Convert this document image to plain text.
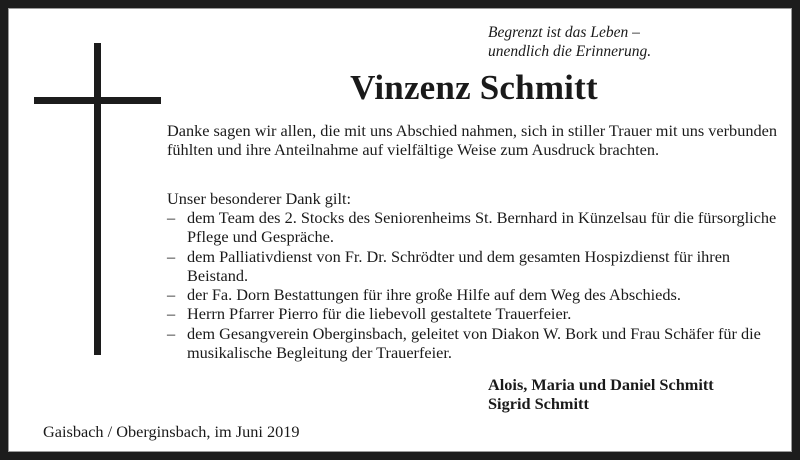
Begrenzt ist das Leben –
unendlich die Erinnerung.
Vinzenz Schmitt
Danke sagen wir allen, die mit uns Abschied nahmen, sich in stiller Trauer mit uns verbunden fühlten und ihre Anteilnahme auf vielfältige Weise zum Ausdruck brachten.
Unser besonderer Dank gilt:
– dem Team des 2. Stocks des Seniorenheims St. Bernhard in Künzelsau für die fürsorgliche Pflege und Gespräche.
– dem Palliativdienst von Fr. Dr. Schrödter und dem gesamten Hospizdienst für ihren Beistand.
– der Fa. Dorn Bestattungen für ihre große Hilfe auf dem Weg des Abschieds.
– Herrn Pfarrer Pierro für die liebevoll gestaltete Trauerfeier.
– dem Gesangverein Oberginsbach, geleitet von Diakon W. Bork und Frau Schäfer für die musikalische Begleitung der Trauerfeier.
Alois, Maria und Daniel Schmitt
Sigrid Schmitt
Gaisbach / Oberginsbach, im Juni 2019
